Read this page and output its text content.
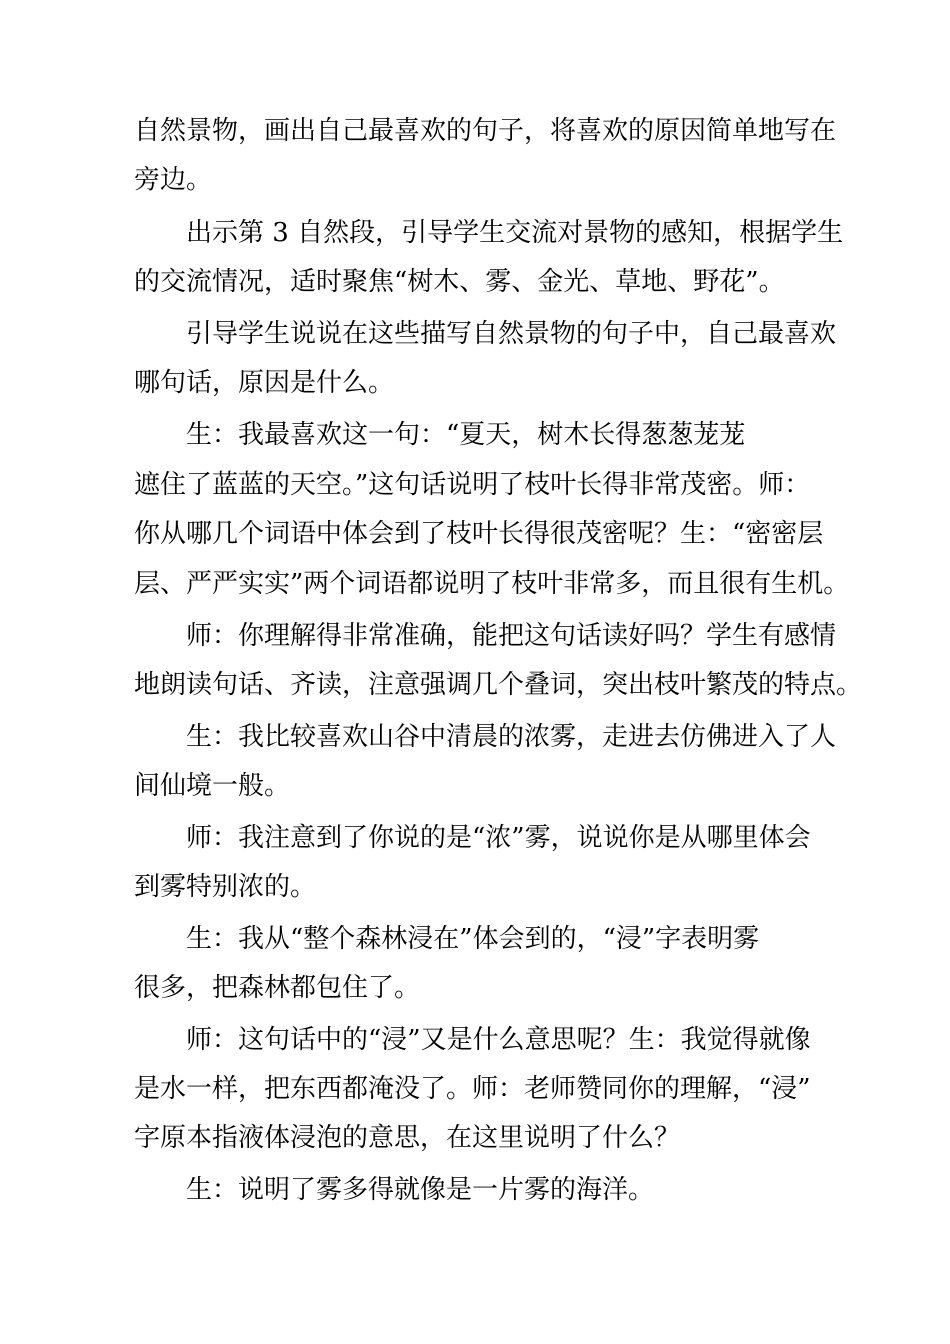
自然景物，画出自己最喜欢的句子，将喜欢的原因简单地写在

旁边。

出示第 3 自然段，引导学生交流对景物的感知，根据学生

的交流情况，适时聚焦“树木、雾、金光、草地、野花”。

引导学生说说在这些描写自然景物的句子中，自己最喜欢

哪句话，原因是什么。

生：我最喜欢这一句：“夏天，树木长得葱葱茏茏

遮住了蓝蓝的天空。”这句话说明了枝叶长得非常茂密。师：

你从哪几个词语中体会到了枝叶长得很茂密呢？生：“密密层

层、严严实实”两个词语都说明了枝叶非常多，而且很有生机。

师：你理解得非常准确，能把这句话读好吗？学生有感情

地朗读句话、齐读，注意强调几个叠词，突出枝叶繁茂的特点。

生：我比较喜欢山谷中清晨的浓雾，走进去仿佛进入了人

间仙境一般。

师：我注意到了你说的是“浓”雾，说说你是从哪里体会

到雾特别浓的。

生：我从“整个森林浸在”体会到的，“浸”字表明雾

很多，把森林都包住了。

师：这句话中的“浸”又是什么意思呢？生：我觉得就像

是水一样，把东西都淹没了。师：老师赞同你的理解，“浸”

字原本指液体浸泡的意思，在这里说明了什么？

生：说明了雾多得就像是一片雾的海洋。
